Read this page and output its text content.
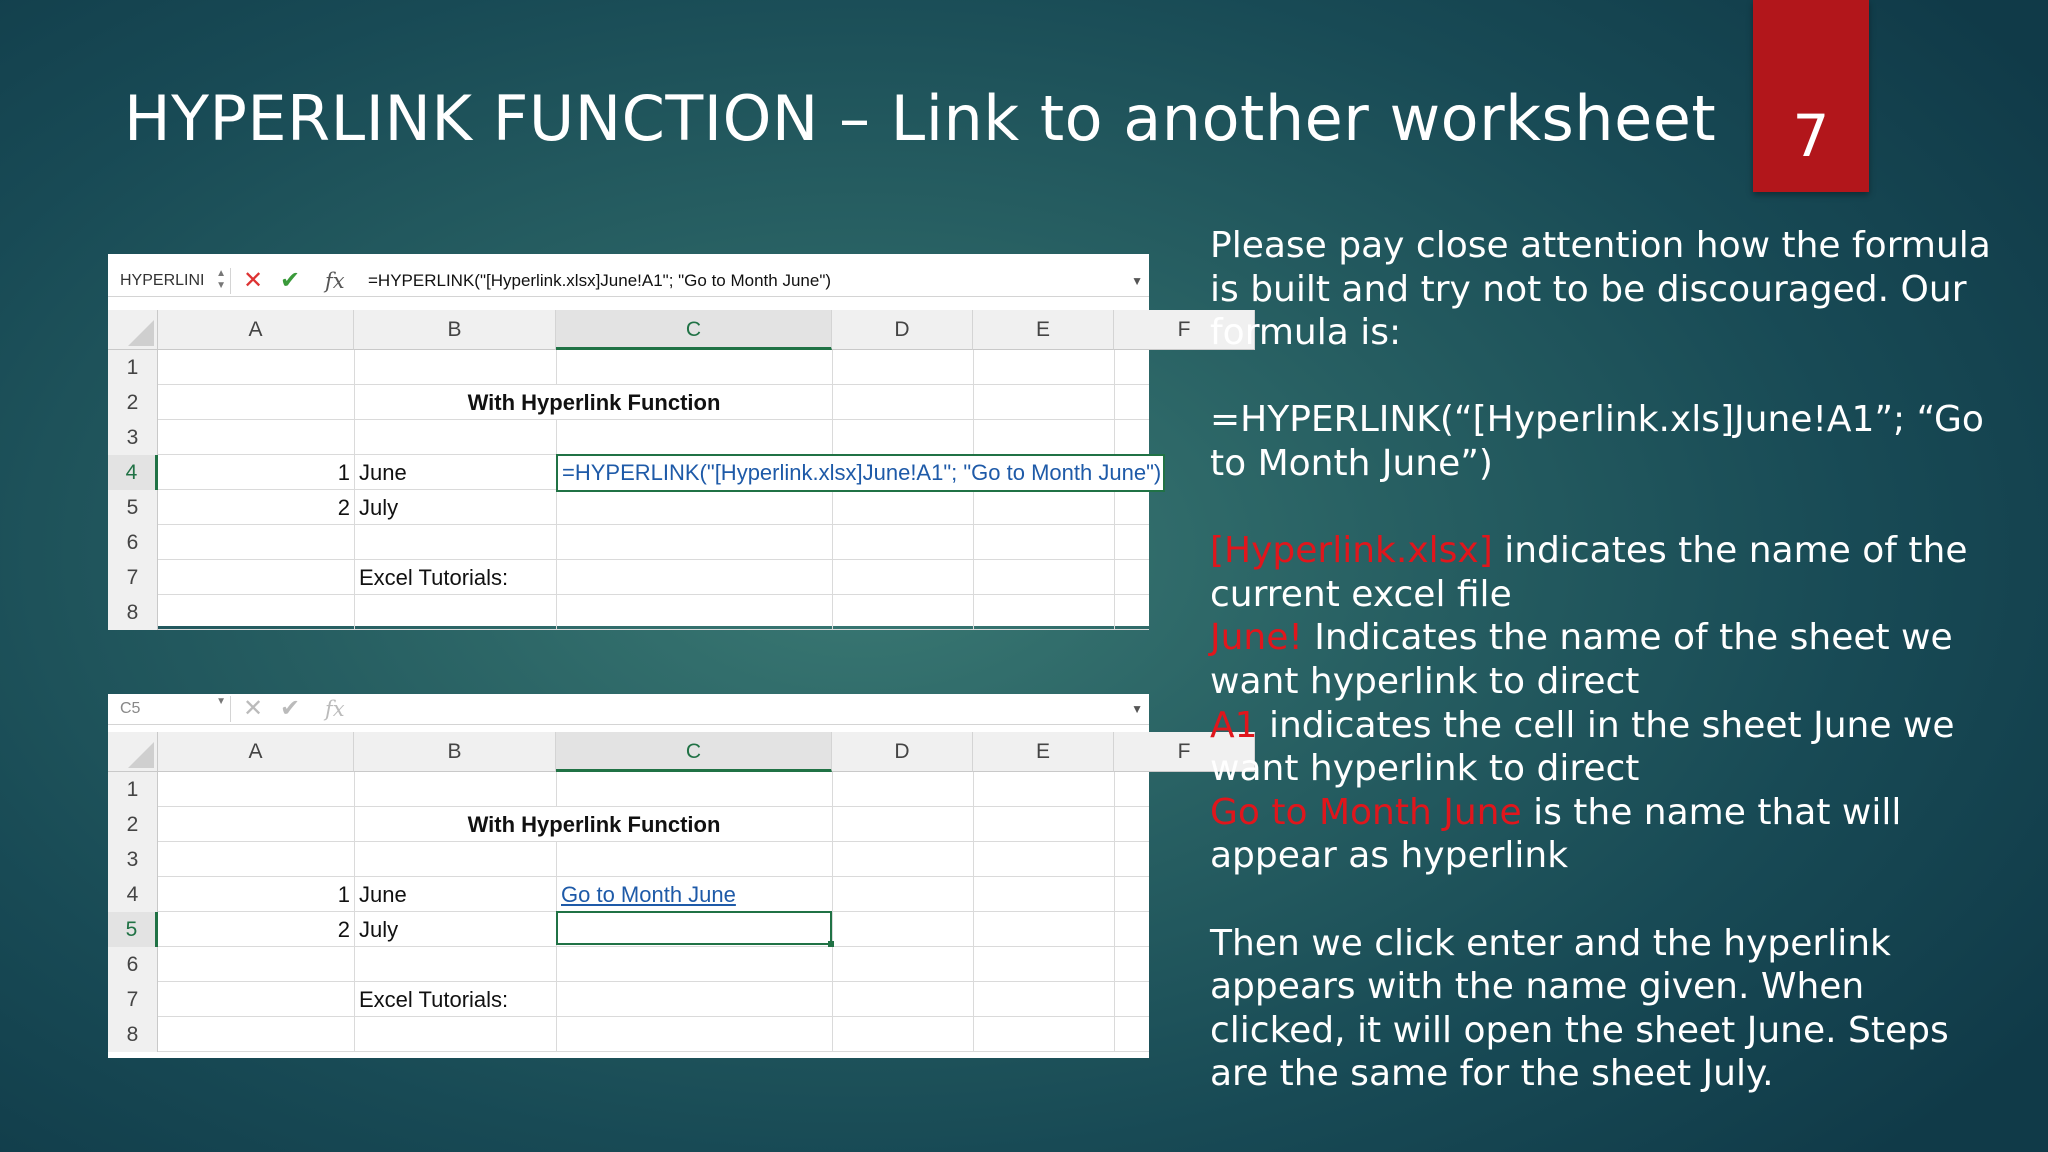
HYPERLINK FUNCTION – Link to another worksheet	7
HYPERLINI ▲
▼ ✕ ✔ fx =HYPERLINK("[Hyperlink.xlsx]June!A1"; "Go to Month June")	▼
A	B	C	D	E	F
1
2	With Hyperlink Function
3
4	1 June	=HYPERLINK("[Hyperlink.xlsx]June!A1"; "Go to Month June")
5	2 July
6
7	Excel Tutorials:
8
C5	▼ ✕ ✔ fx	▼
A	B	C	D	E	F
1
2	With Hyperlink Function
3
4	1 June	Go to Month June
5	2 July
6
7	Excel Tutorials:
8

Please pay close attention how the formula is built and try not to be discouraged. Our formula is:

=HYPERLINK(“[Hyperlink.xls]June!A1”; “Go to Month June”)

[Hyperlink.xlsx] indicates the name of the current excel file

June! Indicates the name of the sheet we want hyperlink to direct

A1 indicates the cell in the sheet June we want hyperlink to direct

Go to Month June is the name that will appear as hyperlink

Then we click enter and the hyperlink appears with the name given. When clicked, it will open the sheet June. Steps are the same for the sheet July.
